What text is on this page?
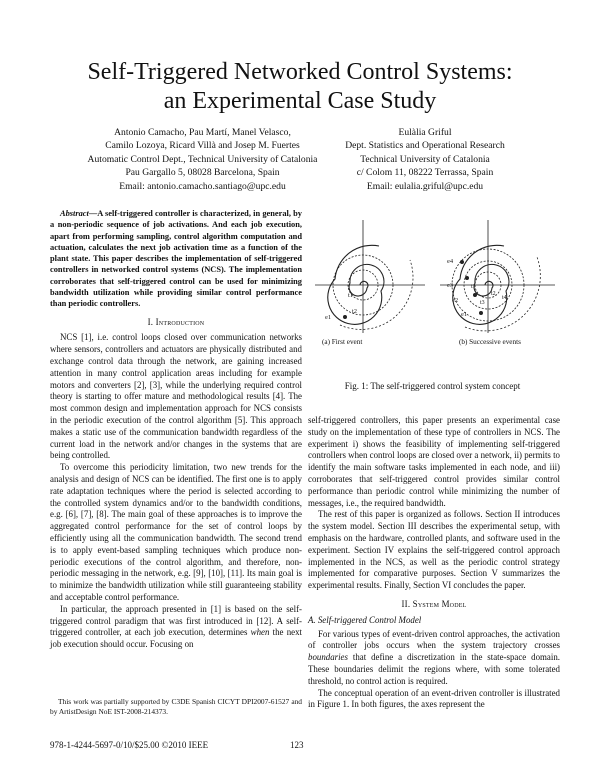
Self-Triggered Networked Control Systems:
an Experimental Case Study
Antonio Camacho, Pau Martí, Manel Velasco,
Camilo Lozoya, Ricard Villà and Josep M. Fuertes
Automatic Control Dept., Technical University of Catalonia
Pau Gargallo 5, 08028 Barcelona, Spain
Email: antonio.camacho.santiago@upc.edu
Eulàlia Griful
Dept. Statistics and Operational Research
Technical University of Catalonia
c/ Colom 11, 08222 Terrassa, Spain
Email: eulalia.griful@upc.edu

Abstract—A self-triggered controller is characterized, in general, by a non-periodic sequence of job activations. And each job execution, apart from performing sampling, control algorithm computation and actuation, calculates the next job activation time as a function of the plant state. This paper describes the implementation of self-triggered controllers in networked control systems (NCS). The implementation corroborates that self-triggered control can be used for minimizing bandwidth utilization while providing similar control performance than periodic controllers.

I. Introduction

NCS [1], i.e. control loops closed over communication networks where sensors, controllers and actuators are physically distributed and exchange control data through the network, are gaining increased attention in many control application areas including for example motors and converters [2], [3], while the underlying required control theory is starting to offer mature and methodological results [4]. The most common design and implementation approach for NCS consists in the periodic execution of the control algorithm [5]. This approach makes a static use of the communication bandwidth regardless of the current load in the network and/or changes in the systems that are being controlled.

To overcome this periodicity limitation, two new trends for the analysis and design of NCS can be identified. The first one is to apply rate adaptation techniques where the period is selected according to the controlled system dynamics and/or to the bandwidth conditions, e.g. [6], [7], [8]. The main goal of these approaches is to improve the aggregated control performance for the set of control loops by efficiently using all the communication bandwidth. The second trend is to apply event-based sampling techniques which produce non-periodic executions of the control algorithm, and therefore, non-periodic messaging in the network, e.g. [9], [10], [11]. Its main goal is to minimize the bandwidth utilization while still guaranteeing stability and acceptable control performance.

In particular, the approach presented in [1] is based on the self-triggered control paradigm that was first introduced in [12]. A self-triggered controller, at each job execution, determines when the next job execution should occur. Focusing on

This work was partially supported by C3DE Spanish CICYT DPI2007-61527 and by ArtistDesign NoE IST-2008-214373.

e1
t1
t2
e4
e3
e2
e1
t1
t2
t3
t4
(a) First event	(b) Successive events
Fig. 1: The self-triggered control system concept

self-triggered controllers, this paper presents an experimental case study on the implementation of these type of controllers in NCS. The experiment i) shows the feasibility of implementing self-triggered controllers when control loops are closed over a network, ii) permits to identify the main software tasks implemented in each node, and iii) corroborates that self-triggered control provides similar control performance than periodic control while minimizing the number of messages, i.e., the required bandwidth.

The rest of this paper is organized as follows. Section II introduces the system model. Section III describes the experimental setup, with emphasis on the hardware, controlled plants, and software used in the experiment. Section IV explains the self-triggered control approach implemented in the NCS, as well as the periodic control strategy implemented for comparative purposes. Section V summarizes the experimental results. Finally, Section VI concludes the paper.

II. System Model

A. Self-triggered Control Model

For various types of event-driven control approaches, the activation of controller jobs occurs when the system trajectory crosses boundaries that define a discretization in the state-space domain. These boundaries delimit the regions where, with some tolerated threshold, no control action is required.

The conceptual operation of an event-driven controller is illustrated in Figure 1. In both figures, the axes represent the

978-1-4244-5697-0/10/$25.00 ©2010 IEEE	123
